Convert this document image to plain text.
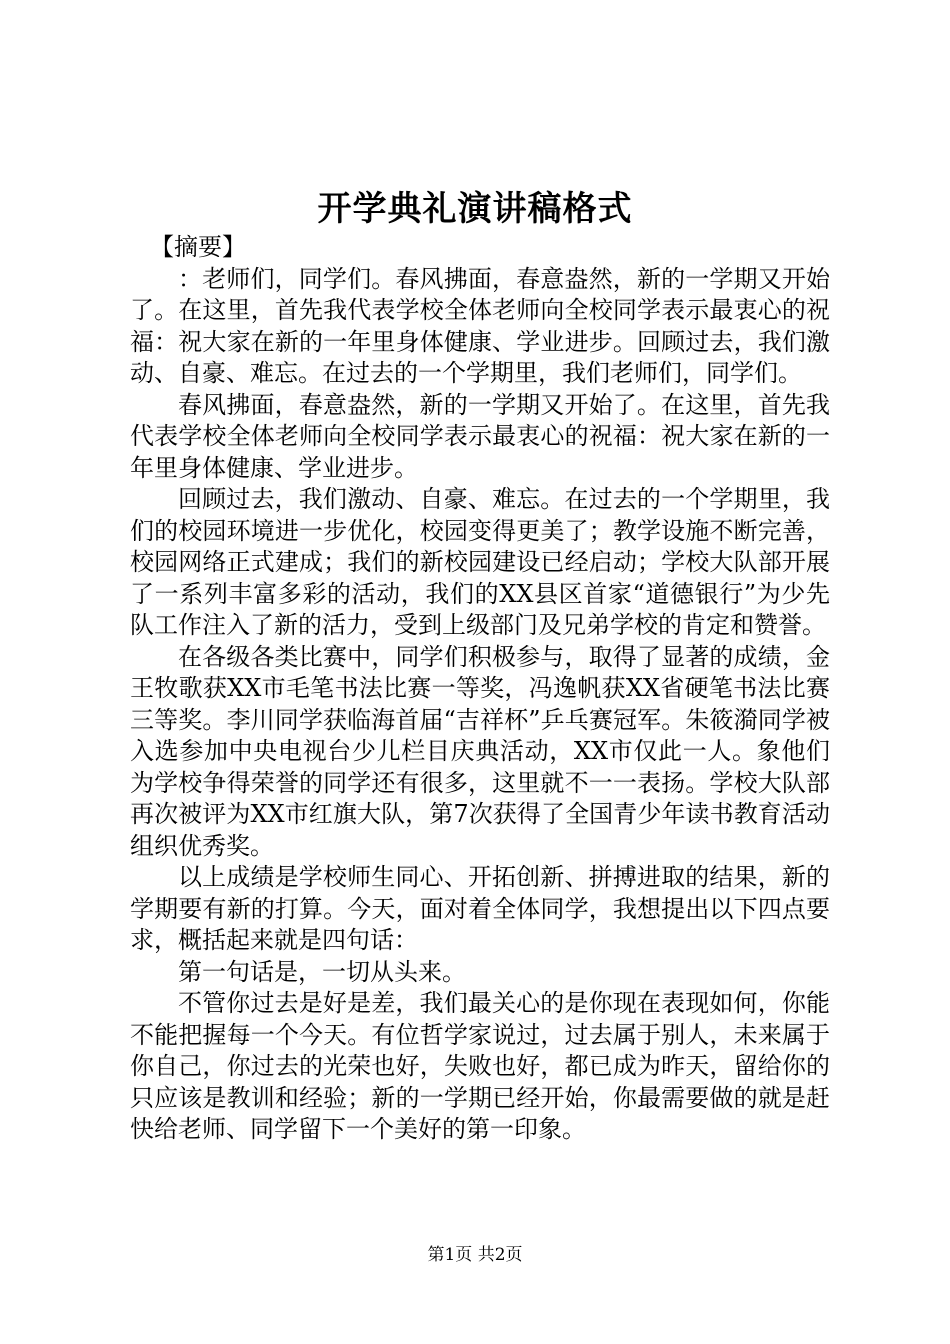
开学典礼演讲稿格式

【摘要】

：老师们，同学们。春风拂面，春意盎然，新的一学期又开始了。在这里，首先我代表学校全体老师向全校同学表示最衷心的祝福：祝大家在新的一年里身体健康、学业进步。回顾过去，我们激动、自豪、难忘。在过去的一个学期里，我们老师们，同学们。

春风拂面，春意盎然，新的一学期又开始了。在这里，首先我代表学校全体老师向全校同学表示最衷心的祝福：祝大家在新的一年里身体健康、学业进步。

回顾过去，我们激动、自豪、难忘。在过去的一个学期里，我们的校园环境进一步优化，校园变得更美了；教学设施不断完善，校园网络正式建成；我们的新校园建设已经启动；学校大队部开展了一系列丰富多彩的活动，我们的XX县区首家“道德银行”为少先队工作注入了新的活力，受到上级部门及兄弟学校的肯定和赞誉。

在各级各类比赛中，同学们积极参与，取得了显著的成绩，金王牧歌获XX市毛笔书法比赛一等奖，冯逸帆获XX省硬笔书法比赛三等奖。李川同学获临海首届“吉祥杯”乒乓赛冠军。朱筱漪同学被入选参加中央电视台少儿栏目庆典活动，XX市仅此一人。象他们为学校争得荣誉的同学还有很多，这里就不一一表扬。学校大队部再次被评为XX市红旗大队，第7次获得了全国青少年读书教育活动组织优秀奖。

以上成绩是学校师生同心、开拓创新、拼搏进取的结果，新的学期要有新的打算。今天，面对着全体同学，我想提出以下四点要求，概括起来就是四句话：

第一句话是，一切从头来。

不管你过去是好是差，我们最关心的是你现在表现如何，你能不能把握每一个今天。有位哲学家说过，过去属于别人，未来属于你自己，你过去的光荣也好，失败也好，都已成为昨天，留给你的只应该是教训和经验；新的一学期已经开始，你最需要做的就是赶快给老师、同学留下一个美好的第一印象。

第1页 共2页
